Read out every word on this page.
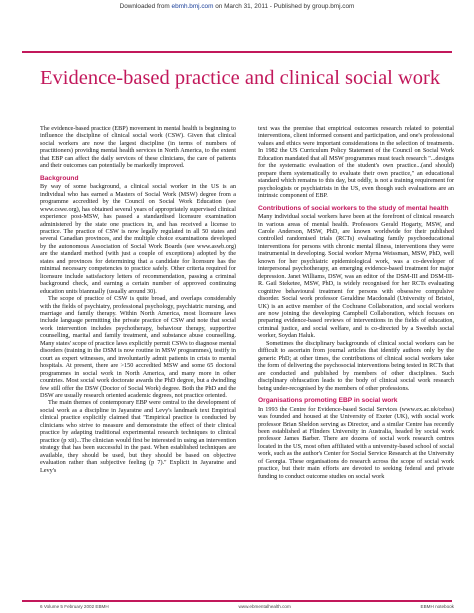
Downloaded from ebmh.bmj.com on March 31, 2011 - Published by group.bmj.com
Evidence-based practice and clinical social work

The evidence-based practice (EBP) movement in mental health is beginning to influence the discipline of clinical social work (CSW). Given that clinical social workers are now the largest discipline (in terms of numbers of practitioners) providing mental health services in North America, to the extent that EBP can affect the daily services of these clinicians, the care of patients and their outcomes can potentially be markedly improved.

Background

By way of some background, a clinical social worker in the US is an individual who has earned a Masters of Social Work (MSW) degree from a programme accredited by the Council on Social Work Education (see www.cswe.org), has obtained several years of appropriately supervised clinical experience post-MSW, has passed a standardised licensure examination administered by the state one practices in, and has received a license to practice. The practice of CSW is now legally regulated in all 50 states and several Canadian provinces, and the multiple choice examinations developed by the autonomous Association of Social Work Boards (see www.aswb.org) are the standard method (with just a couple of exceptions) adopted by the states and provinces for determining that a candidate for licensure has the minimal necessary competencies to practice safely. Other criteria required for licensure include satisfactory letters of recommendation, passing a criminal background check, and earning a certain number of approved continuing education units biannually (usually around 30).

The scope of practice of CSW is quite broad, and overlaps considerably with the fields of psychiatry, professional psychology, psychiatric nursing, and marriage and family therapy. Within North America, most licensure laws include language permitting the private practice of CSW and note that social work intervention includes psychotherapy, behaviour therapy, supportive counselling, marital and family treatment, and substance abuse counselling. Many states' scope of practice laws explicitly permit CSWs to diagnose mental disorders (training in the DSM is now routine in MSW programmes), testify in court as expert witnesses, and involuntarily admit patients in crisis to mental hospitals. At present, there are >150 accredited MSW and some 65 doctoral programmes in social work in North America, and many more in other countries. Most social work doctorate awards the PhD degree, but a dwindling few still offer the DSW (Doctor of Social Work) degree. Both the PhD and the DSW are usually research oriented academic degrees, not practice oriented.

The main themes of contemporary EBP were central to the development of social work as a discipline in Jayaratne and Levy's landmark text Empirical clinical practice explicitly claimed that "Empirical practice is conducted by clinicians who strive to measure and demonstrate the effect of their clinical practice by adapting traditional experimental research techniques to clinical practice (p xii)...The clinician would first be interested in using an intervention strategy that has been successful in the past. When established techniques are available, they should be used, but they should be based on objective evaluation rather than subjective feeling (p 7)." Explicit in Jayaratne and Levy's

text was the premise that empirical outcomes research related to potential interventions, client informed consent and participation, and one's professional values and ethics were important considerations in the selection of treatments. In 1982 the US Curriculum Policy Statement of the Council on Social Work Education mandated that all MSW programmes must teach research "...designs for the systematic evaluation of the student's own practice...(and should) prepare them systematically to evaluate their own practice," an educational standard which remains to this day, but oddly, is not a training requirement for psychologists or psychiatrists in the US, even though such evaluations are an intrinsic component of EBP.

Contributions of social workers to the study of mental health

Many individual social workers have been at the forefront of clinical research in various areas of mental health. Professors Gerald Hogarty, MSW, and Carole Anderson, MSW, PhD, are known worldwide for their published controlled randomised trials (RCTs) evaluating family psychoeducational interventions for persons with chronic mental illness, interventions they were instrumental in developing. Social worker Myrna Weissman, MSW, PhD, well known for her psychiatric epidemiological work, was a co-developer of interpersonal psychotherapy, an emerging evidence-based treatment for major depression. Janet Williams, DSW, was an editor of the DSM-III and DSM-III-R. Gail Steketee, MSW, PhD, is widely recognised for her RCTs evaluating cognitive behavioural treatment for persons with obsessive compulsive disorder. Social work professor Geraldine Macdonald (University of Bristol, UK) is an active member of the Cochrane Collaboration, and social workers are now joining the developing Campbell Collaboration, which focuses on preparing evidence-based reviews of interventions in the fields of education, criminal justice, and social welfare, and is co-directed by a Swedish social worker, Soydan Haluk.

Sometimes the disciplinary backgrounds of clinical social workers can be difficult to ascertain from journal articles that identify authors only by the generic PhD; at other times, the contributions of clinical social workers take the form of delivering the psychosocial interventions being tested in RCTs that are conducted and published by members of other disciplines. Such disciplinary obfuscation leads to the body of clinical social work research being under-recognised by the members of other professions.

Organisations promoting EBP in social work

In 1993 the Centre for Evidence-based Social Services (www.ex.ac.uk/cebss) was founded and housed at the University of Exeter (UK), with social work professor Brian Sheldon serving as Director, and a similar Centre has recently been established at Flinders University in Australia, headed by social work professor James Barber. There are dozens of social work research centres located in the US, most often affiliated with a university-based school of social work, such as the author's Center for Social Service Research at the University of Georgia. These organisations do research across the scope of social work practice, but their main efforts are devoted to seeking federal and private funding to conduct outcome studies on social work

6 Volume 5 February 2002 EBMH	www.ebmentalhealth.com	EBMH notebook
